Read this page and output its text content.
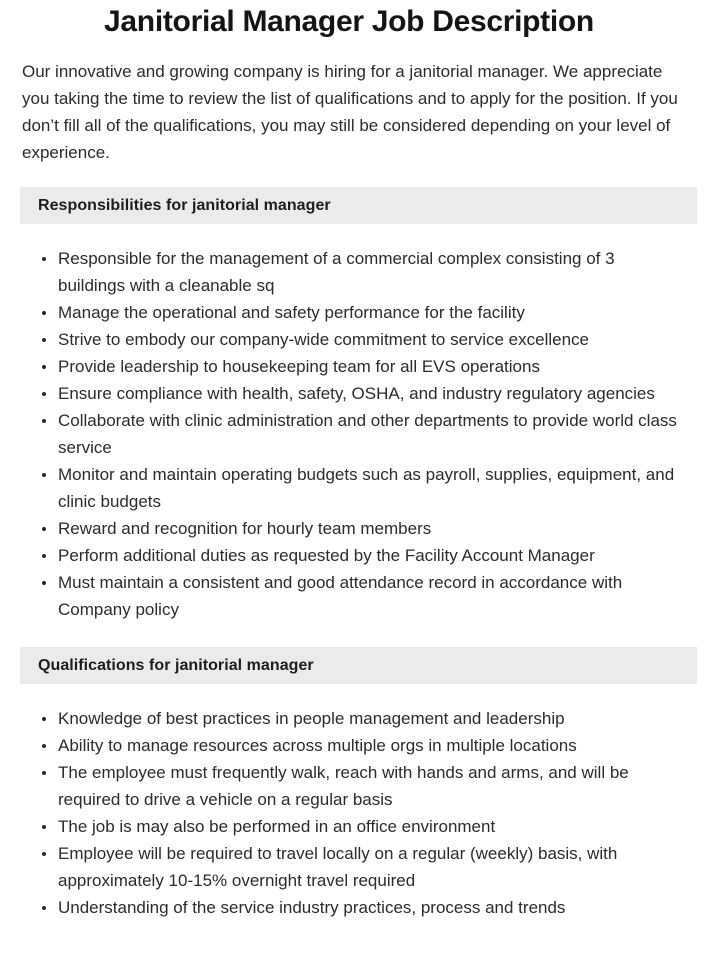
Janitorial Manager Job Description

Our innovative and growing company is hiring for a janitorial manager. We appreciate you taking the time to review the list of qualifications and to apply for the position. If you don’t fill all of the qualifications, you may still be considered depending on your level of experience.

Responsibilities for janitorial manager
Responsible for the management of a commercial complex consisting of 3 buildings with a cleanable sq
Manage the operational and safety performance for the facility
Strive to embody our company-wide commitment to service excellence
Provide leadership to housekeeping team for all EVS operations
Ensure compliance with health, safety, OSHA, and industry regulatory agencies
Collaborate with clinic administration and other departments to provide world class service
Monitor and maintain operating budgets such as payroll, supplies, equipment, and clinic budgets
Reward and recognition for hourly team members
Perform additional duties as requested by the Facility Account Manager
Must maintain a consistent and good attendance record in accordance with Company policy
Qualifications for janitorial manager
Knowledge of best practices in people management and leadership
Ability to manage resources across multiple orgs in multiple locations
The employee must frequently walk, reach with hands and arms, and will be required to drive a vehicle on a regular basis
The job is may also be performed in an office environment
Employee will be required to travel locally on a regular (weekly) basis, with approximately 10-15% overnight travel required
Understanding of the service industry practices, process and trends
